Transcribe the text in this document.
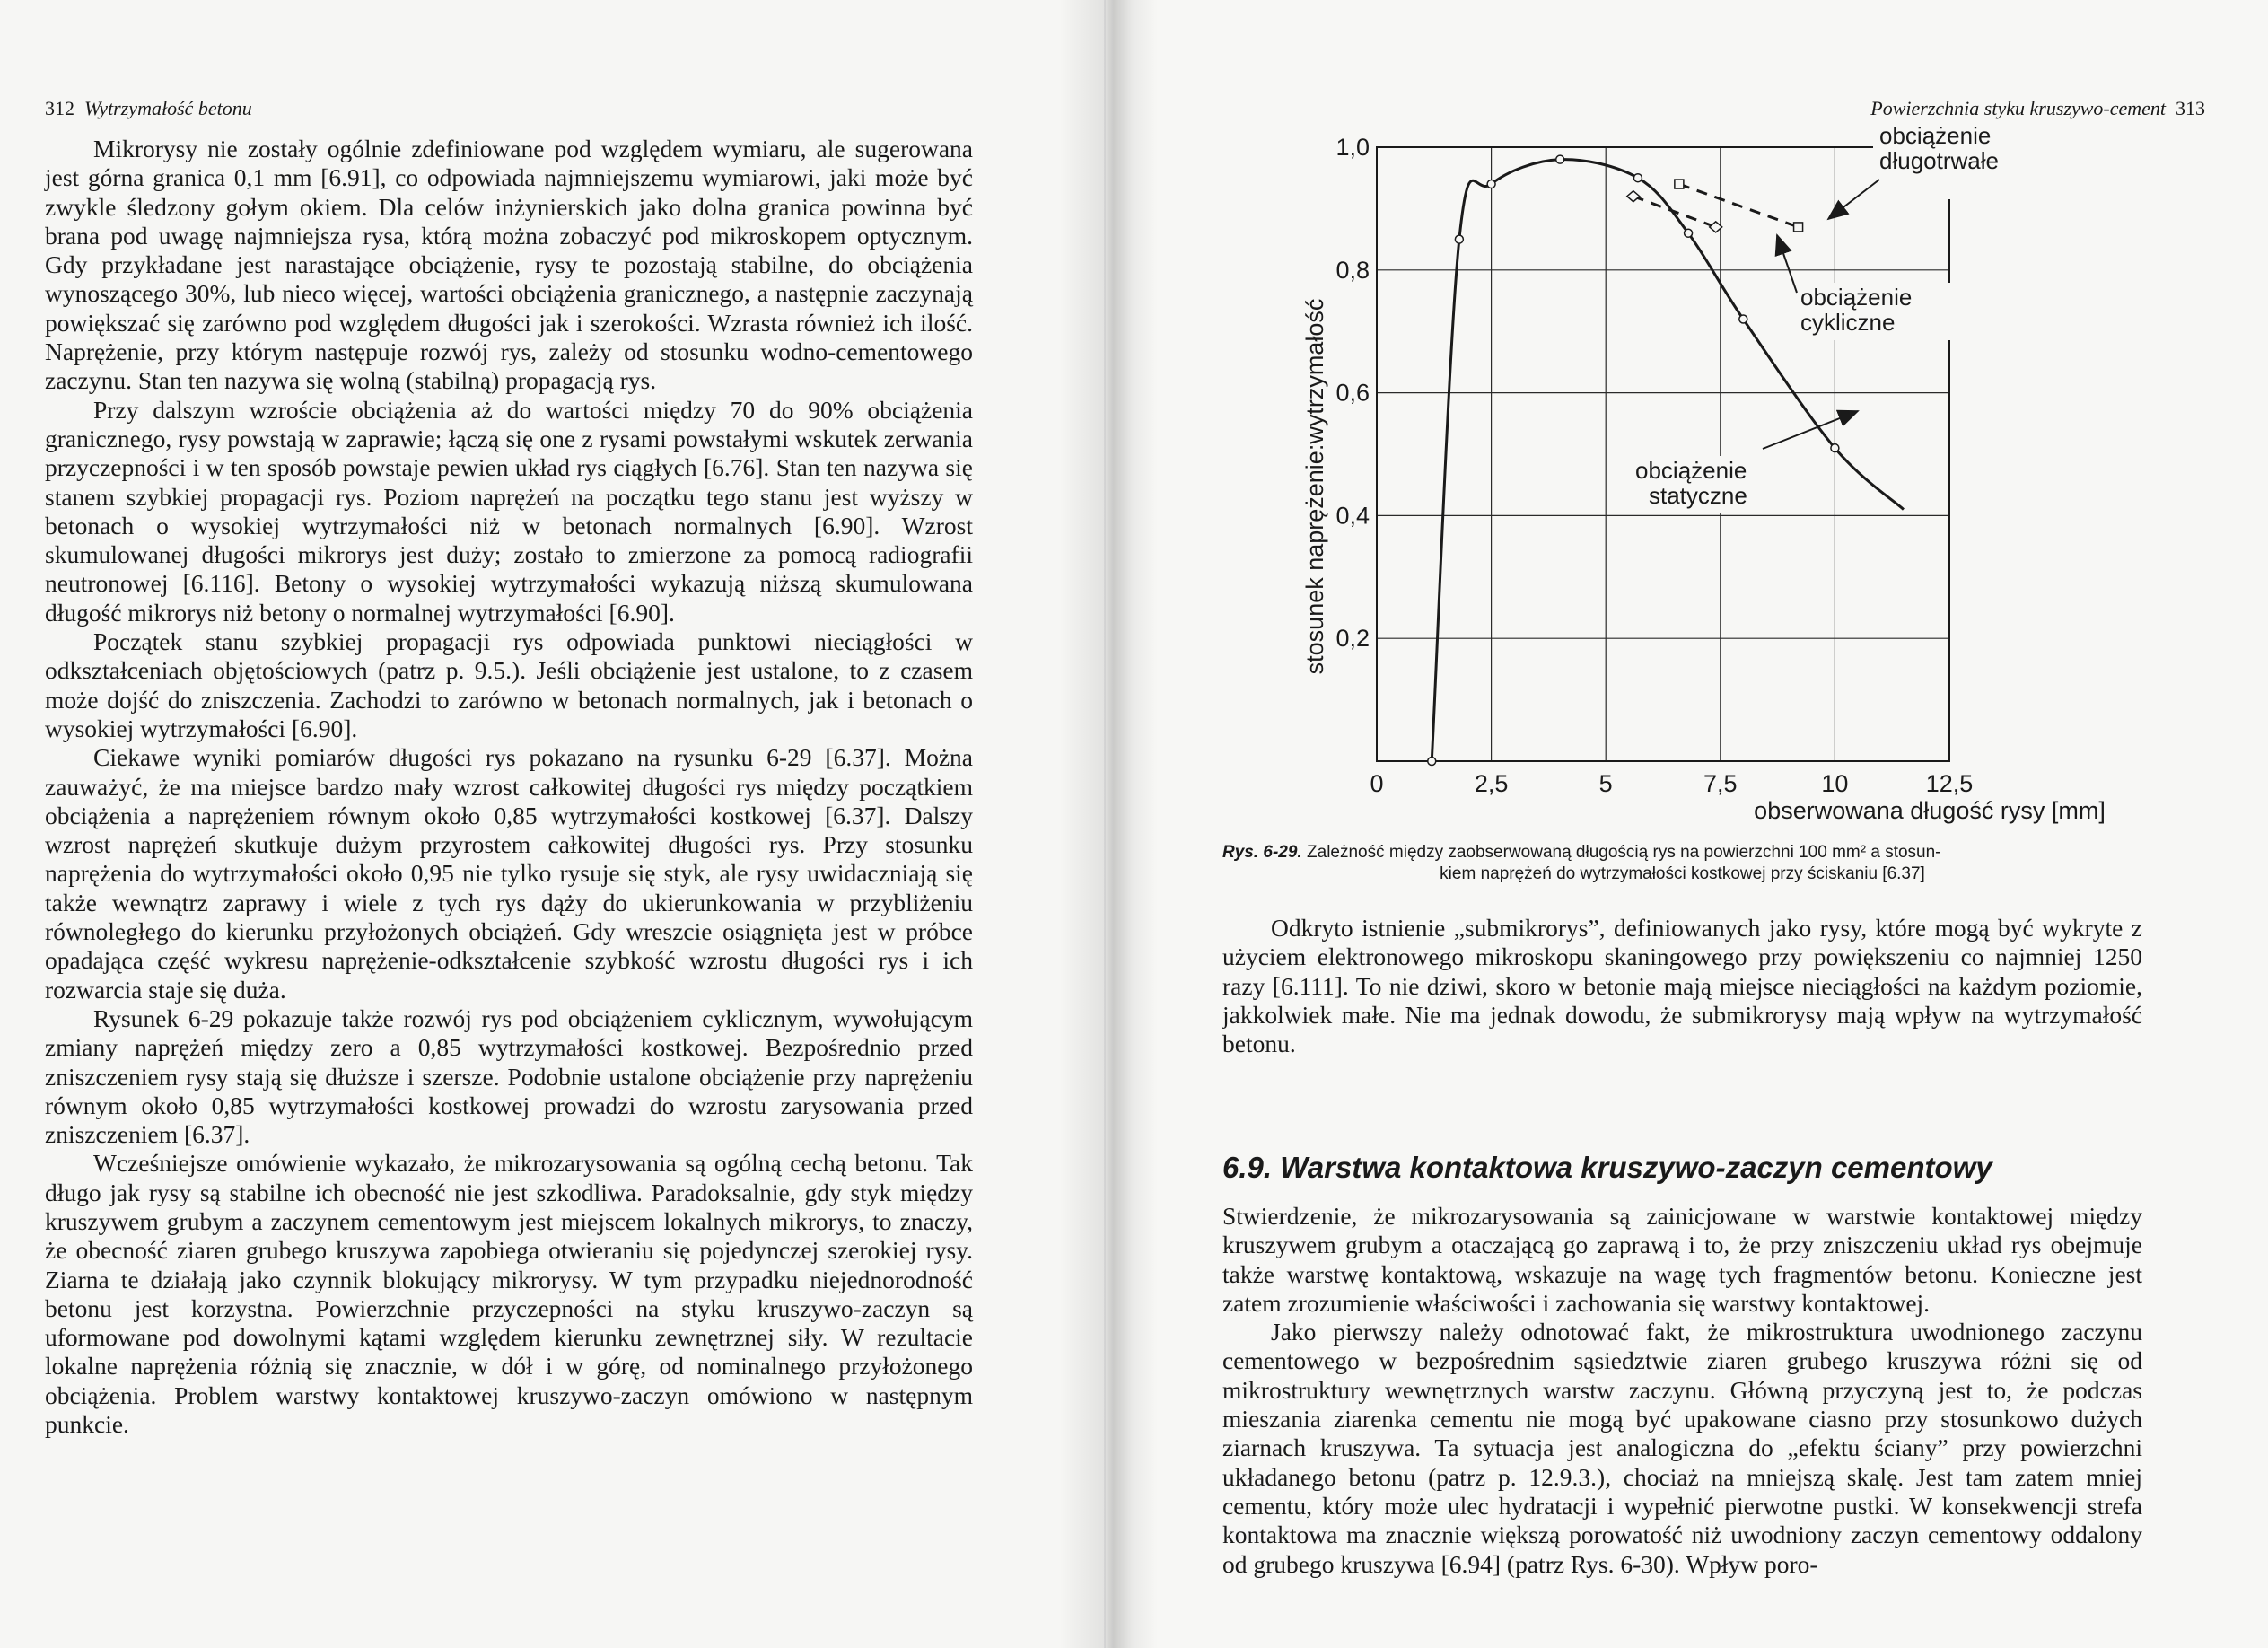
312 Wytrzymałość betonu

Mikrorysy nie zostały ogólnie zdefiniowane pod względem wymiaru, ale sugerowana jest górna granica 0,1 mm [6.91], co odpowiada najmniejszemu wymiarowi, jaki może być zwykle śledzony gołym okiem. Dla celów inżynierskich jako dolna granica powinna być brana pod uwagę najmniejsza rysa, którą można zobaczyć pod mikroskopem optycznym. Gdy przykładane jest narastające obciążenie, rysy te pozostają stabilne, do obciążenia wynoszącego 30%, lub nieco więcej, wartości obciążenia granicznego, a następnie zaczynają powiększać się zarówno pod względem długości jak i szerokości. Wzrasta również ich ilość. Naprężenie, przy którym następuje rozwój rys, zależy od stosunku wodno-cementowego zaczynu. Stan ten nazywa się wolną (stabilną) propagacją rys.

Przy dalszym wzroście obciążenia aż do wartości między 70 do 90% obciążenia granicznego, rysy powstają w zaprawie; łączą się one z rysami powstałymi wskutek zerwania przyczepności i w ten sposób powstaje pewien układ rys ciągłych [6.76]. Stan ten nazywa się stanem szybkiej propagacji rys. Poziom naprężeń na początku tego stanu jest wyższy w betonach o wysokiej wytrzymałości niż w betonach normalnych [6.90]. Wzrost skumulowanej długości mikrorys jest duży; zostało to zmierzone za pomocą radiografii neutronowej [6.116]. Betony o wysokiej wytrzymałości wykazują niższą skumulowana długość mikrorys niż betony o normalnej wytrzymałości [6.90].

Początek stanu szybkiej propagacji rys odpowiada punktowi nieciągłości w odkształceniach objętościowych (patrz p. 9.5.). Jeśli obciążenie jest ustalone, to z czasem może dojść do zniszczenia. Zachodzi to zarówno w betonach normalnych, jak i betonach o wysokiej wytrzymałości [6.90].

Ciekawe wyniki pomiarów długości rys pokazano na rysunku 6-29 [6.37]. Można zauważyć, że ma miejsce bardzo mały wzrost całkowitej długości rys między początkiem obciążenia a naprężeniem równym około 0,85 wytrzymałości kostkowej [6.37]. Dalszy wzrost naprężeń skutkuje dużym przyrostem całkowitej długości rys. Przy stosunku naprężenia do wytrzymałości około 0,95 nie tylko rysuje się styk, ale rysy uwidaczniają się także wewnątrz zaprawy i wiele z tych rys dąży do ukierunkowania w przybliżeniu równoległego do kierunku przyłożonych obciążeń. Gdy wreszcie osiągnięta jest w próbce opadająca część wykresu naprężenie-odkształcenie szybkość wzrostu długości rys i ich rozwarcia staje się duża.

Rysunek 6-29 pokazuje także rozwój rys pod obciążeniem cyklicznym, wywołującym zmiany naprężeń między zero a 0,85 wytrzymałości kostkowej. Bezpośrednio przed zniszczeniem rysy stają się dłuższe i szersze. Podobnie ustalone obciążenie przy naprężeniu równym około 0,85 wytrzymałości kostkowej prowadzi do wzrostu zarysowania przed zniszczeniem [6.37].

Wcześniejsze omówienie wykazało, że mikrozarysowania są ogólną cechą betonu. Tak długo jak rysy są stabilne ich obecność nie jest szkodliwa. Paradoksalnie, gdy styk między kruszywem grubym a zaczynem cementowym jest miejscem lokalnych mikrorys, to znaczy, że obecność ziaren grubego kruszywa zapobiega otwieraniu się pojedynczej szerokiej rysy. Ziarna te działają jako czynnik blokujący mikrorysy. W tym przypadku niejednorodność betonu jest korzystna. Powierzchnie przyczepności na styku kruszywo-zaczyn są uformowane pod dowolnymi kątami względem kierunku zewnętrznej siły. W rezultacie lokalne naprężenia różnią się znacznie, w dół i w górę, od nominalnego przyłożonego obciążenia. Problem warstwy kontaktowej kruszywo-zaczyn omówiono w następnym punkcie.

Powierzchnia styku kruszywo-cement 313
0	2,5	5	7,5	10	12,5
0,2
0,4
0,6
0,8
1,0	obciążenie
długotrwałe
obciążenie
cykliczne
obciążenie
statyczne
obserwowana długość rysy [mm]
stosunek naprężenie:wytrzymałość
Rys. 6-29. Zależność między zaobserwowaną długością rys na powierzchni 100 mm² a stosun-
kiem naprężeń do wytrzymałości kostkowej przy ściskaniu [6.37]

Odkryto istnienie „submikrorys”, definiowanych jako rysy, które mogą być wykryte z użyciem elektronowego mikroskopu skaningowego przy powiększeniu co najmniej 1250 razy [6.111]. To nie dziwi, skoro w betonie mają miejsce nieciągłości na każdym poziomie, jakkolwiek małe. Nie ma jednak dowodu, że submikrorysy mają wpływ na wytrzymałość betonu.

6.9. Warstwa kontaktowa kruszywo-zaczyn cementowy

Stwierdzenie, że mikrozarysowania są zainicjowane w warstwie kontaktowej między kruszywem grubym a otaczającą go zaprawą i to, że przy zniszczeniu układ rys obejmuje także warstwę kontaktową, wskazuje na wagę tych fragmentów betonu. Konieczne jest zatem zrozumienie właściwości i zachowania się warstwy kontaktowej.

Jako pierwszy należy odnotować fakt, że mikrostruktura uwodnionego zaczynu cementowego w bezpośrednim sąsiedztwie ziaren grubego kruszywa różni się od mikrostruktury wewnętrznych warstw zaczynu. Główną przyczyną jest to, że podczas mieszania ziarenka cementu nie mogą być upakowane ciasno przy stosunkowo dużych ziarnach kruszywa. Ta sytuacja jest analogiczna do „efektu ściany” przy powierzchni układanego betonu (patrz p. 12.9.3.), chociaż na mniejszą skalę. Jest tam zatem mniej cementu, który może ulec hydratacji i wypełnić pierwotne pustki. W konsekwencji strefa kontaktowa ma znacznie większą porowatość niż uwodniony zaczyn cementowy oddalony od grubego kruszywa [6.94] (patrz Rys. 6-30). Wpływ poro-
